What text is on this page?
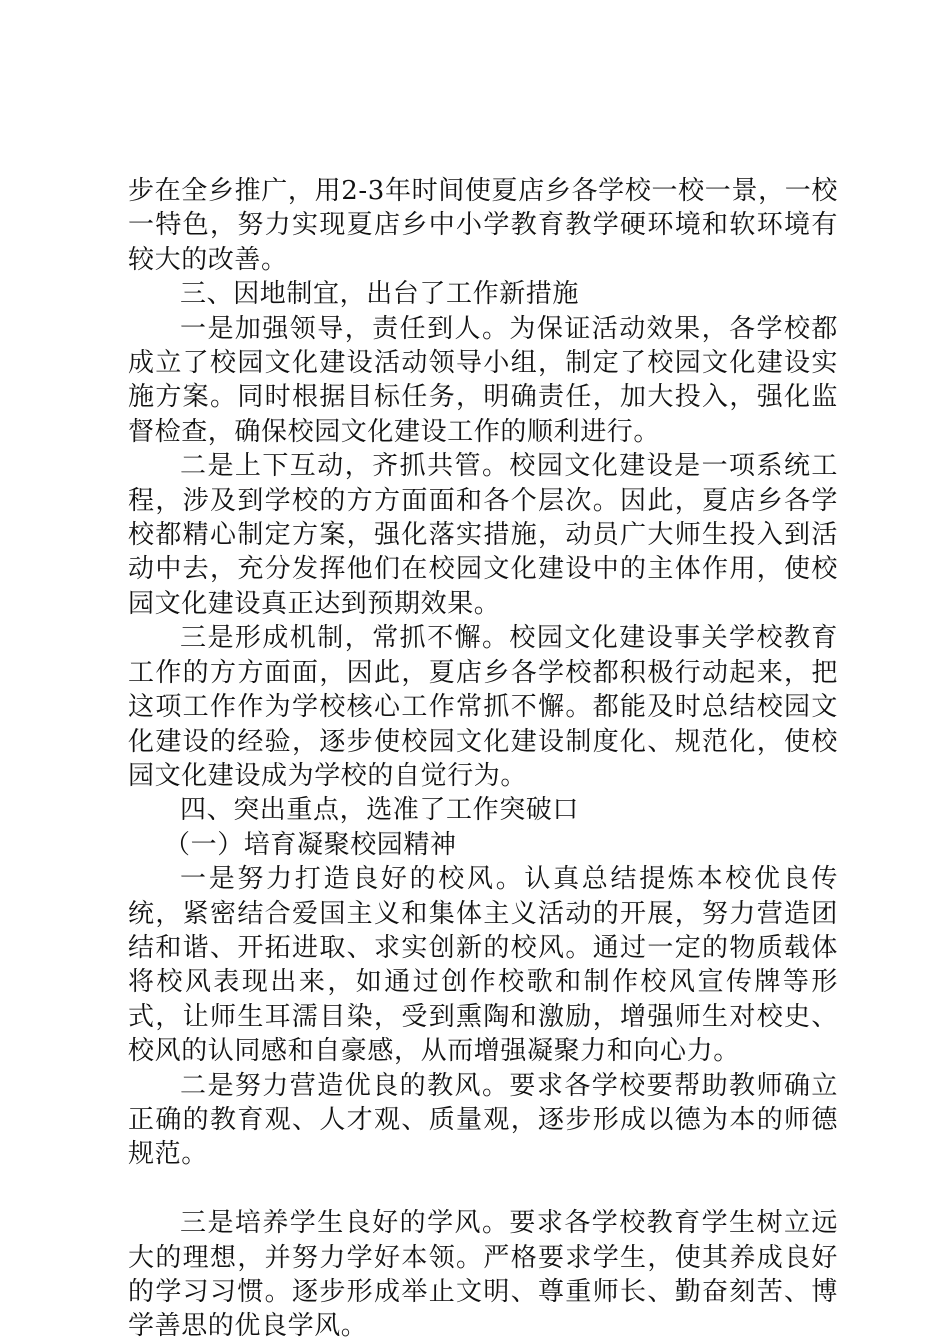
步在全乡推广，用2-3年时间使夏店乡各学校一校一景，一校一特色，努力实现夏店乡中小学教育教学硬环境和软环境有较大的改善。

三、因地制宜，出台了工作新措施

一是加强领导，责任到人。为保证活动效果，各学校都成立了校园文化建设活动领导小组，制定了校园文化建设实施方案。同时根据目标任务，明确责任，加大投入，强化监督检查，确保校园文化建设工作的顺利进行。

二是上下互动，齐抓共管。校园文化建设是一项系统工程，涉及到学校的方方面面和各个层次。因此，夏店乡各学校都精心制定方案，强化落实措施，动员广大师生投入到活动中去，充分发挥他们在校园文化建设中的主体作用，使校园文化建设真正达到预期效果。

三是形成机制，常抓不懈。校园文化建设事关学校教育工作的方方面面，因此，夏店乡各学校都积极行动起来，把这项工作作为学校核心工作常抓不懈。都能及时总结校园文化建设的经验，逐步使校园文化建设制度化、规范化，使校园文化建设成为学校的自觉行为。

四、突出重点，选准了工作突破口

（一）培育凝聚校园精神

一是努力打造良好的校风。认真总结提炼本校优良传统，紧密结合爱国主义和集体主义活动的开展，努力营造团结和谐、开拓进取、求实创新的校风。通过一定的物质载体将校风表现出来，如通过创作校歌和制作校风宣传牌等形式，让师生耳濡目染，受到熏陶和激励，增强师生对校史、校风的认同感和自豪感，从而增强凝聚力和向心力。

二是努力营造优良的教风。要求各学校要帮助教师确立正确的教育观、人才观、质量观，逐步形成以德为本的师德规范。

三是培养学生良好的学风。要求各学校教育学生树立远大的理想，并努力学好本领。严格要求学生，使其养成良好的学习习惯。逐步形成举止文明、尊重师长、勤奋刻苦、博学善思的优良学风。
